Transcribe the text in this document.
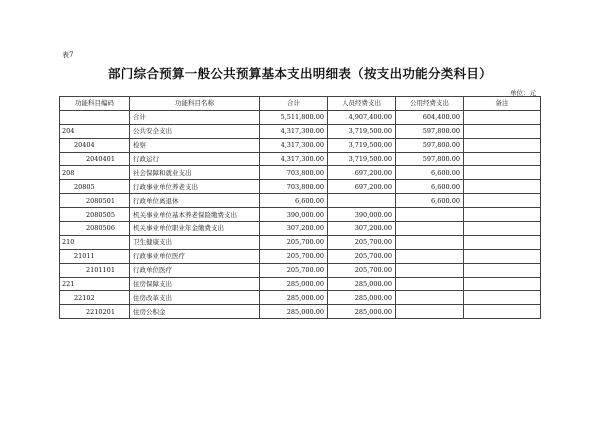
表7
部门综合预算一般公共预算基本支出明细表（按支出功能分类科目）
单位：元
功能科目编码	功能科目名称	合计	人员经费支出	公用经费支出	备注
	合计	5,511,800.00	4,907,400.00	604,400.00	
204	公共安全支出	4,317,300.00	3,719,500.00	597,800.00	
20404	检察	4,317,300.00	3,719,500.00	597,800.00	
2040401	行政运行	4,317,300.00	3,719,500.00	597,800.00	
208	社会保障和就业支出	703,800.00	697,200.00	6,600.00	
20805	行政事业单位养老支出	703,800.00	697,200.00	6,600.00	
2080501	行政单位离退休	6,600.00		6,600.00	
2080505	机关事业单位基本养老保险缴费支出	390,000.00	390,000.00		
2080506	机关事业单位职业年金缴费支出	307,200.00	307,200.00		
210	卫生健康支出	205,700.00	205,700.00		
21011	行政事业单位医疗	205,700.00	205,700.00		
2101101	行政单位医疗	205,700.00	205,700.00		
221	住房保障支出	285,000.00	285,000.00		
22102	住房改革支出	285,000.00	285,000.00		
2210201	住房公积金	285,000.00	285,000.00		
